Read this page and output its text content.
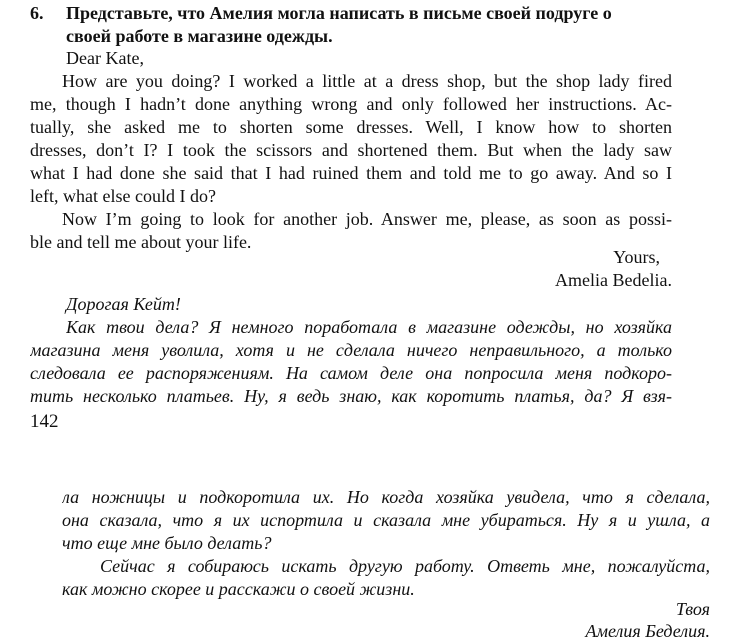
6. Представьте, что Амелия могла написать в письме своей подруге о
своей работе в магазине одежды.
Dear Kate,
How are you doing? I worked a little at a dress shop, but the shop lady fired
me, though I hadn’t done anything wrong and only followed her instructions. Ac-
tually, she asked me to shorten some dresses. Well, I know how to shorten
dresses, don’t I? I took the scissors and shortened them. But when the lady saw
what I had done she said that I had ruined them and told me to go away. And so I
left, what else could I do?
Now I’m going to look for another job. Answer me, please, as soon as possi-
ble and tell me about your life.
Yours,
Amelia Bedelia.
Дорогая Кейт!
Как твои дела? Я немного поработала в магазине одежды, но хозяйка
магазина меня уволила, хотя и не сделала ничего неправильного, а только
следовала ее распоряжениям. На самом деле она попросила меня подкоро-
тить несколько платьев. Ну, я ведь знаю, как коротить платья, да? Я взя-
142
ла ножницы и подкоротила их. Но когда хозяйка увидела, что я сделала,
она сказала, что я их испортила и сказала мне убираться. Ну я и ушла, а
что еще мне было делать?
Сейчас я собираюсь искать другую работу. Ответь мне, пожалуйста,
как можно скорее и расскажи о своей жизни.
Твоя
Амелия Беделия.
